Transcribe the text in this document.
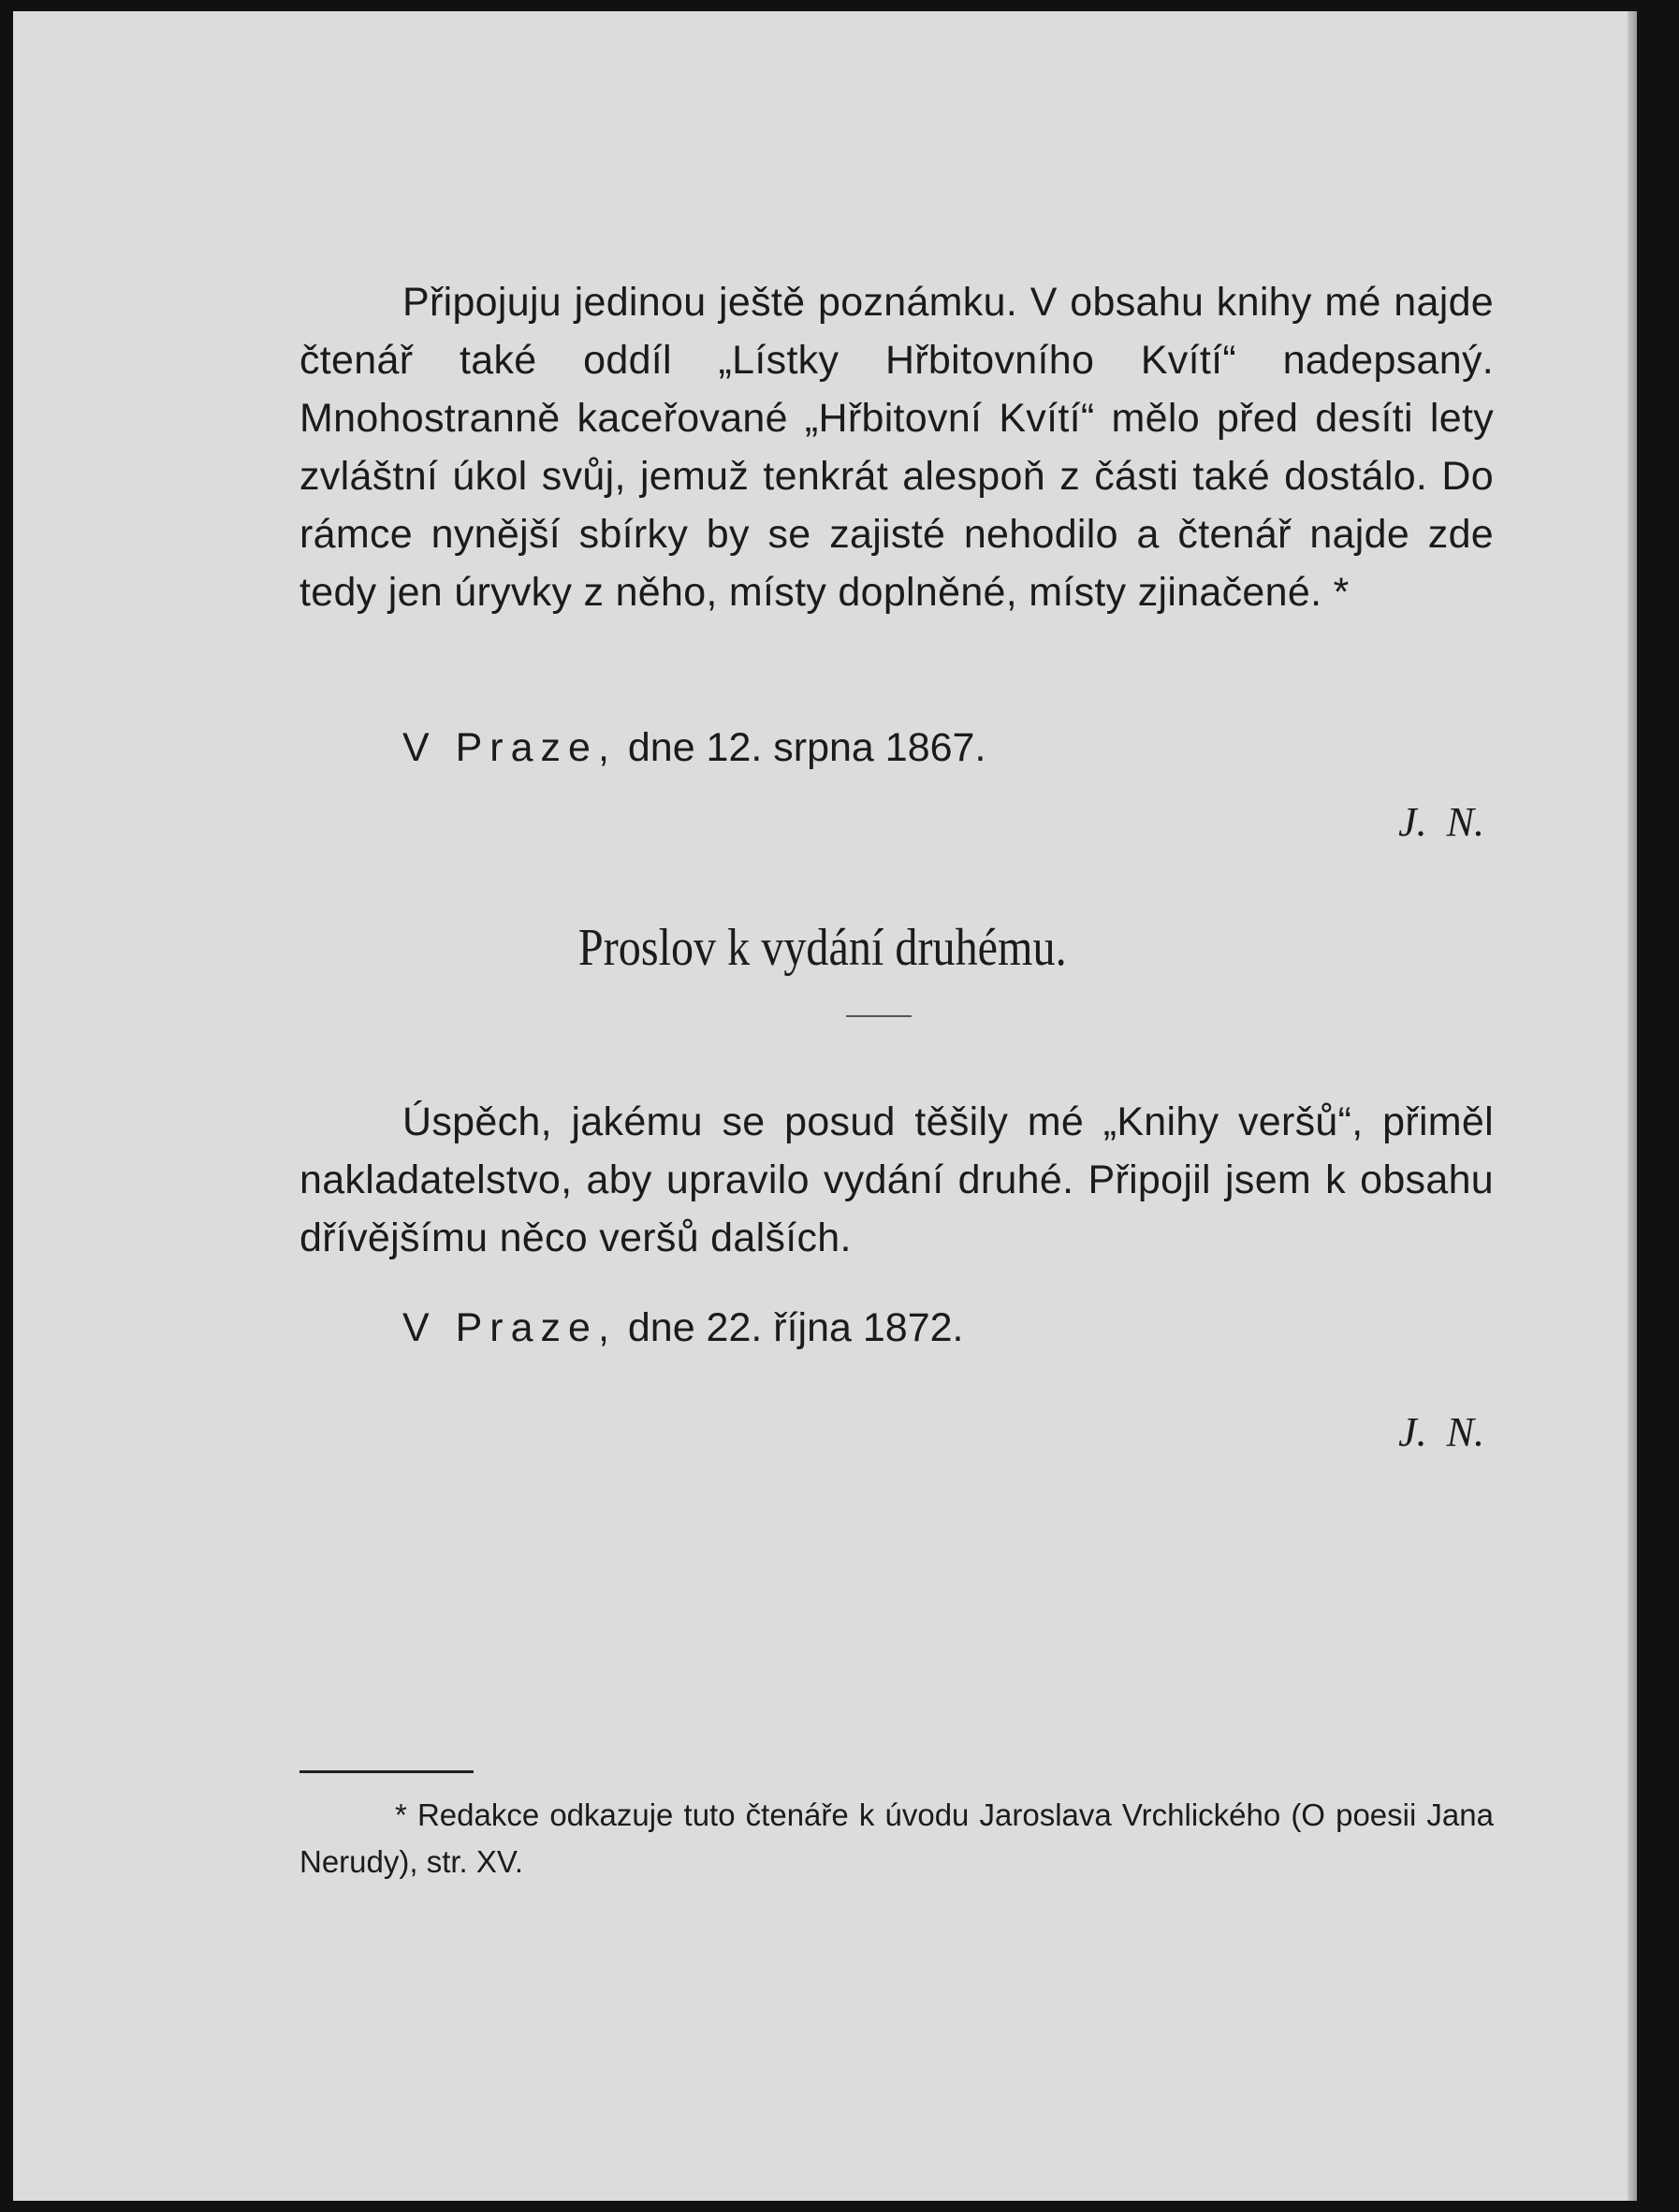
Připojuju jedinou ještě poznámku. V obsahu knihy mé najde čtenář také oddíl „Lístky Hřbitovního Kvítí“ nadepsaný. Mnohostranně kaceřované „Hřbitovní Kvítí“ mělo před desíti lety zvláštní úkol svůj, jemuž tenkrát alespoň z části také dostálo. Do rámce nynější sbírky by se zajisté nehodilo a čtenář najde zde tedy jen úryvky z něho, místy doplněné, místy zjinačené. *

V Praze, dne 12. srpna 1867.

J. N.

Proslov k vydání druhému.

Úspěch, jakému se posud těšily mé „Knihy veršů“, přiměl nakladatelstvo, aby upravilo vydání druhé. Připojil jsem k obsahu dřívějšímu něco veršů dalších.

V Praze, dne 22. října 1872.

J. N.

* Redakce odkazuje tuto čtenáře k úvodu Jaroslava Vrchlického (O poesii Jana Nerudy), str. XV.
